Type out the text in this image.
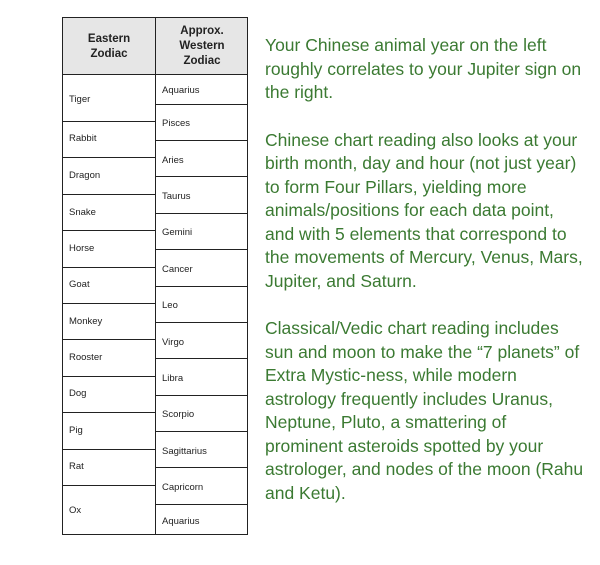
Eastern
Zodiac
Approx.
Western
Zodiac
Tiger
Rabbit
Dragon
Snake
Horse
Goat
Monkey
Rooster
Dog
Pig
Rat
Ox
Aquarius
Pisces
Aries
Taurus
Gemini
Cancer
Leo
Virgo
Libra
Scorpio
Sagittarius
Capricorn
Aquarius

Your Chinese animal year on the left roughly correlates to your Jupiter sign on the right.

Chinese chart reading also looks at your birth month, day and hour (not just year) to form Four Pillars, yielding more animals/positions for each data point, and with 5 elements that correspond to the movements of Mercury, Venus, Mars, Jupiter, and Saturn.

Classical/Vedic chart reading includes sun and moon to make the “7 planets” of Extra Mystic-ness, while modern astrology frequently includes Uranus, Neptune, Pluto, a smattering of prominent asteroids spotted by your astrologer, and nodes of the moon (Rahu and Ketu).
